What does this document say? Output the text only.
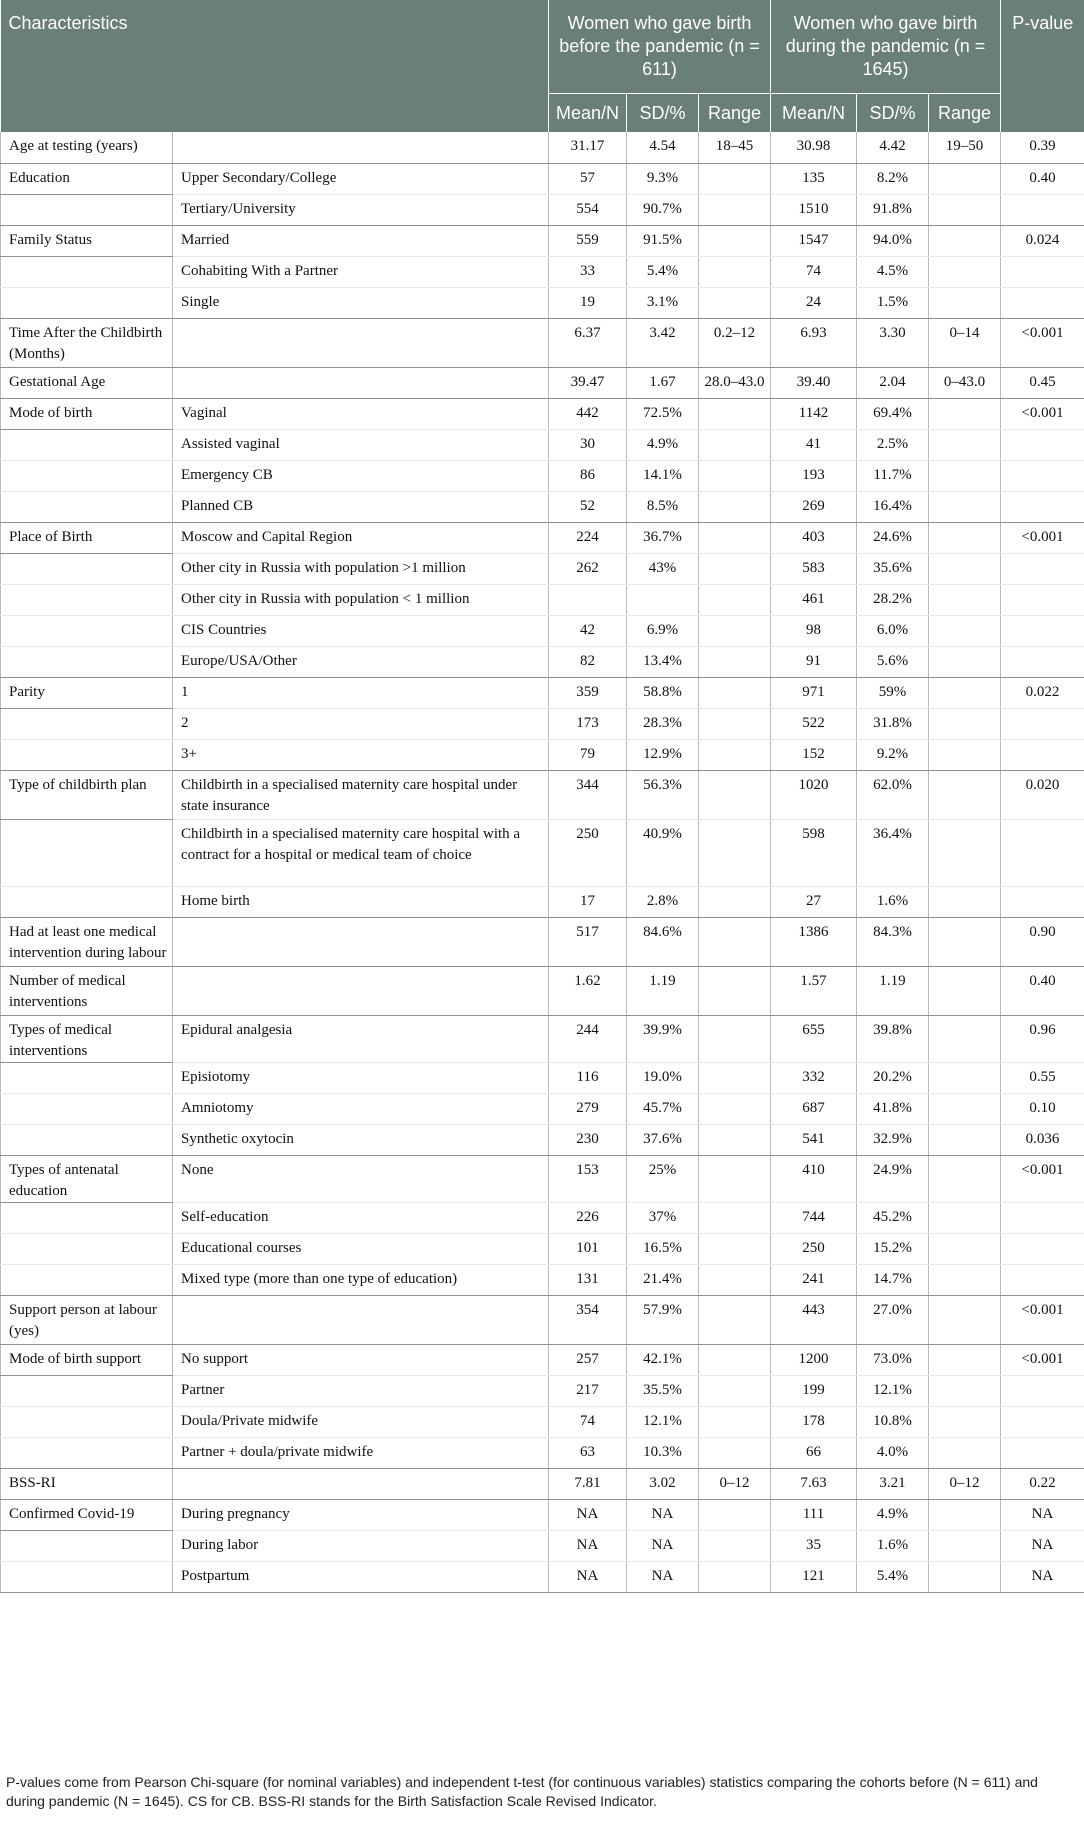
Characteristics		Women who gave birth before the pandemic (n = 611)			Women who gave birth during the pandemic (n = 1645)			P-value
		Mean/N	SD/%	Range	Mean/N	SD/%	Range	
Age at testing (years)		31.17	4.54	18–45	30.98	4.42	19–50	0.39
Education	Upper Secondary/College	57	9.3%		135	8.2%		0.40
	Tertiary/University	554	90.7%		1510	91.8%		
Family Status	Married	559	91.5%		1547	94.0%		0.024
	Cohabiting With a Partner	33	5.4%		74	4.5%		
	Single	19	3.1%		24	1.5%		
Time After the Childbirth (Months)		6.37	3.42	0.2–12	6.93	3.30	0–14	<0.001
Gestational Age		39.47	1.67	28.0–43.0	39.40	2.04	0–43.0	0.45
Mode of birth	Vaginal	442	72.5%		1142	69.4%		<0.001
	Assisted vaginal	30	4.9%		41	2.5%		
	Emergency CB	86	14.1%		193	11.7%		
	Planned CB	52	8.5%		269	16.4%		
Place of Birth	Moscow and Capital Region	224	36.7%		403	24.6%		<0.001
	Other city in Russia with population >1 million	262	43%		583	35.6%		
	Other city in Russia with population < 1 million				461	28.2%		
	CIS Countries	42	6.9%		98	6.0%		
	Europe/USA/Other	82	13.4%		91	5.6%		
Parity	1	359	58.8%		971	59%		0.022
	2	173	28.3%		522	31.8%		
	3+	79	12.9%		152	9.2%		
Type of childbirth plan	Childbirth in a specialised maternity care hospital under state insurance	344	56.3%		1020	62.0%		0.020
	Childbirth in a specialised maternity care hospital with a contract for a hospital or medical team of choice	250	40.9%		598	36.4%		
	Home birth	17	2.8%		27	1.6%		
Had at least one medical intervention during labour		517	84.6%		1386	84.3%		0.90
Number of medical interventions		1.62	1.19		1.57	1.19		0.40
Types of medical interventions	Epidural analgesia	244	39.9%		655	39.8%		0.96
	Episiotomy	116	19.0%		332	20.2%		0.55
	Amniotomy	279	45.7%		687	41.8%		0.10
	Synthetic oxytocin	230	37.6%		541	32.9%		0.036
Types of antenatal education	None	153	25%		410	24.9%		<0.001
	Self-education	226	37%		744	45.2%		
	Educational courses	101	16.5%		250	15.2%		
	Mixed type (more than one type of education)	131	21.4%		241	14.7%		
Support person at labour (yes)		354	57.9%		443	27.0%		<0.001
Mode of birth support	No support	257	42.1%		1200	73.0%		<0.001
	Partner	217	35.5%		199	12.1%		
	Doula/Private midwife	74	12.1%		178	10.8%		
	Partner + doula/private midwife	63	10.3%		66	4.0%		
BSS-RI		7.81	3.02	0–12	7.63	3.21	0–12	0.22
Confirmed Covid-19	During pregnancy	NA	NA		111	4.9%		NA
	During labor	NA	NA		35	1.6%		NA
	Postpartum	NA	NA		121	5.4%		NA
P-values come from Pearson Chi-square (for nominal variables) and independent t-test (for continuous variables) statistics comparing the cohorts before (N = 611) and during pandemic (N = 1645). CS for CB. BSS-RI stands for the Birth Satisfaction Scale Revised Indicator.
